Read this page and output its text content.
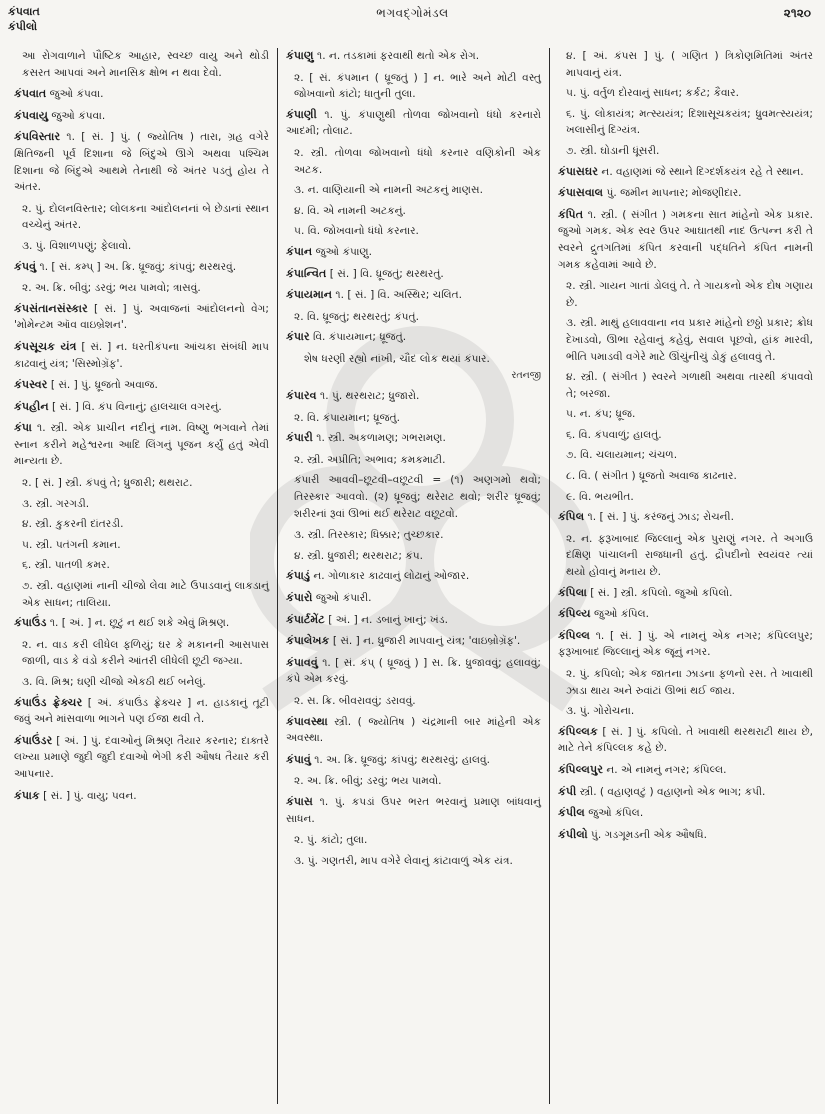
કંપવાત
કંપીલો
ભગવદ્ગોમંડલ	૨૧૨૦
આ રોગવાળાને પૌષ્ટિક આહાર, સ્વચ્છ વાયુ અને થોડી કસરત આપવાં અને માનસિક ક્ષોભ ન થવા દેવો.
કંપવાત જુઓ કંપવા.
કંપવાયુ જુઓ કંપવા.
કંપવિસ્તાર ૧. [ સં. ] પું. ( જ્યોતિષ ) તારા, ગ્રહ વગેરે ક્ષિતિજની પૂર્વ દિશાના જે બિંદુએ ઊગે અથવા પશ્ચિમ દિશાના જે બિંદુએ આથમે તેનાથી જે અંતર પડતું હોય તે અંતર.
૨. પું. દોલનવિસ્તાર; લોલકના આંદોલનનાં બે છેડાનાં સ્થાન વચ્ચેનું અંતર.
૩. પું. વિશાળપણું; ફેલાવો.
કંપવું ૧. [ સં. કમ્પ્ ] અ. ક્રિ. ધ્રૂજવું; કાંપવું; થરથરવું.
૨. અ. ક્રિ. બીવું; ડરવું; ભય પામવો; ત્રાસવું.
કંપસંતાનસંસ્કાર [ સં. ] પું. અવાજનાં આંદોલનનો વેગ; 'મોમેન્ટમ ઑવ વાઇબ્રેશન'.
કંપસૂચક યંત્ર [ સં. ] ન. ધરતીકંપના આંચકા સંબંધી માપ કાઢવાનું યંત્ર; 'સિસ્મોગ્રૅફ'.
કંપસ્વર [ સં. ] પું. ધ્રૂજતો અવાજ.
કંપહીન [ સં. ] વિ. કંપ વિનાનું; હાલચાલ વગરનું.
કંપા ૧. સ્ત્રી. એક પ્રાચીન નદીનું નામ. વિષ્ણુ ભગવાને તેમાં સ્નાન કરીને મહેશ્વરના આદિ લિંગનું પૂજન કર્યું હતું એવી માન્યતા છે.
૨. [ સં. ] સ્ત્રી. કંપવું તે; ધ્રુજારી; થથરાટ.
૩. સ્ત્રી. ગરગડી.
૪. સ્ત્રી. કુકરની દાંતરડી.
૫. સ્ત્રી. પતંગની કમાન.
૬. સ્ત્રી. પાતળી કમર.
૭. સ્ત્રી. વહાણમાં નાની ચીજો લેવા માટે ઉપાડવાનું લાકડાનું એક સાધન; તાલિયા.
કંપાઉંડ ૧. [ અં. ] ન. છૂટું ન થઈ શકે એવું મિશ્રણ.
૨. ન. વાડ કરી લીધેલ ફળિયું; ઘર કે મકાનની આસપાસ જાળી, વાડ કે વંડો કરીને આંતરી લીધેલી છૂટી જગ્યા.
૩. વિ. મિશ્ર; ઘણી ચીજો એકઠી થઈ બનેલું.
કંપાઉંડ ફ્રેક્ચર [ અં. કંપાઉંડ ફ્રેક્ચર ] ન. હાડકાનું તૂટી જવું અને માંસવાળા ભાગને પણ ઈજા થવી તે.
કંપાઉંડર [ અં. ] પું. દવાઓનું મિશ્રણ તૈયાર કરનાર; દાક્તરે લખ્યા પ્રમાણે જુદી જુદી દવાઓ ભેગી કરી ઔષધ તૈયાર કરી આપનાર.
કંપાક [ સં. ] પું. વાયુ; પવન.
કંપાણુ ૧. ન. તડકામાં ફરવાથી થતો એક રોગ.
૨. [ સં. કંપમાન ( ધ્રૂજતું ) ] ન. ભારે અને મોટી વસ્તુ જોખવાનો કાંટો; ધાતુની તુલા.
કંપાણી ૧. પું. કંપાણુથી તોળવા જોખવાનો ધંધો કરનારો આદમી; તોલાટ.
૨. સ્ત્રી. તોળવા જોખવાનો ધંધો કરનાર વણિકોની એક અટક.
૩. ન. વાણિયાની એ નામની અટકનું માણસ.
૪. વિ. એ નામની અટકનું.
૫. વિ. જોખવાનો ધંધો કરનાર.
કંપાન જુઓ કંપાણુ.
કંપાન્વિત [ સં. ] વિ. ધ્રૂજતું; થરથરતું.
કંપાયમાન ૧. [ સં. ] વિ. અસ્થિર; ચલિત.
૨. વિ. ધ્રૂજતું; થરથરતું; કંપતું.
કંપાર વિ. કંપાયમાન; ધ્રૂજતું.
શેષ ધરણી રહ્યો નાંખી, ચૌદ લોક થયાં કંપાર.
રતનજી
કંપારવ ૧. પું. થરથરાટ; ધ્રુજારો.
૨. વિ. કંપાયમાન; ધ્રૂજતું.
કંપારી ૧. સ્ત્રી. અકળામણ; ગભરામણ.
૨. સ્ત્રી. અપ્રીતિ; અભાવ; કમકમાટી.
કંપારી આવવી–છૂટવી–વછૂટવી = (૧) અણગમો થવો; તિરસ્કાર આવવો. (૨) ધ્રૂજવું; થરેરાટ થવો; શરીર ધ્રૂજવું; શરીરનાં રૂવાં ઊભાં થઈ થરેરાટ વછૂટવો.
૩. સ્ત્રી. તિરસ્કાર; ધિક્કાર; તુચ્છકાર.
૪. સ્ત્રી. ધ્રુજારી; થરથરાટ; કંપ.
કંપાડું ન. ગોળાકાર કાઢવાનું લોઢાનું ઓજાર.
કંપારો જુઓ કંપારી.
કંપાર્ટમેંટ [ અં. ] ન. ડબાનું ખાનું; ખંડ.
કંપાલેખક [ સં. ] ન. ધ્રુજારી માપવાનું યંત્ર; 'વાઇબ્રોગ્રૅફ'.
કંપાવવું ૧. [ સં. કંપ્ ( ધ્રૂજવું ) ] સ. ક્રિ. ધ્રુજાવવું; હલાવવું; કંપે એમ કરવું.
૨. સ. ક્રિ. બીવરાવવું; ડરાવવું.
કંપાવસ્થા સ્ત્રી. ( જ્યોતિષ ) ચંદ્રમાની બાર માંહેની એક અવસ્થા.
કંપાવું ૧. અ. ક્રિ. ધ્રૂજવું; કાંપવું; થરથરવું; હાલવું.
૨. અ. ક્રિ. બીવું; ડરવું; ભય પામવો.
કંપાસ ૧. પું. કપડાં ઉપર ભરત ભરવાનું પ્રમાણ બાંધવાનું સાધન.
૨. પું. કાંટો; તુલા.
૩. પું. ગણતરી, માપ વગેરે લેવાનું કાંટાવાળું એક યંત્ર.
૪. [ અં. કંપસ ] પું. ( ગણિત ) ત્રિકોણમિતિમાં અંતર માપવાનું યંત્ર.
૫. પું. વર્તુળ દોરવાનું સાધન; કર્કટ; કૈવાર.
૬. પું. લોકાયંત્ર; મત્સ્યયંત્ર; દિશાસૂચકયંત્ર; ધ્રુવમત્સ્યયંત્ર; ખલાસીનું દિગ્યંત્ર.
૭. સ્ત્રી. ઘોડાની ધૂંસરી.
કંપાસઘર ન. વહાણમાં જે સ્થાને દિગ્દર્શકયંત્ર રહે તે સ્થાન.
કંપાસવાલ પું. જમીન માપનાર; મોજણીદાર.
કંપિત ૧. સ્ત્રી. ( સંગીત ) ગમકના સાત માંહેનો એક પ્રકાર. જુઓ ગમક. એક સ્વર ઉપર આઘાતથી નાદ ઉત્પન્ન કરી તે સ્વરને દ્રુતગતિમાં કંપિત કરવાની પદ્ધતિને કંપિત નામની ગમક કહેવામાં આવે છે.
૨. સ્ત્રી. ગાયન ગાતાં ડોલવું તે. તે ગાયકનો એક દોષ ગણાય છે.
૩. સ્ત્રી. માથું હલાવવાના નવ પ્રકાર માંહેનો છઠ્ઠો પ્રકાર; ક્રોધ દેખાડવો, ઊભા રહેવાનું કહેવું, સવાલ પૂછવો, હાંક મારવી, ભીતિ પમાડવી વગેરે માટે ઊંચુંનીચું ડોકું હલાવવું તે.
૪. સ્ત્રી. ( સંગીત ) સ્વરને ગળાથી અથવા તારથી કંપાવવો તે; બરજા.
૫. ન. કંપ; ધ્રૂજ.
૬. વિ. કંપવાળું; હાલતું.
૭. વિ. ચલાયમાન; ચંચળ.
૮. વિ. ( સંગીત ) ધ્રૂજતો અવાજ કાઢનાર.
૯. વિ. ભયભીત.
કંપિલ ૧. [ સં. ] પું. કરંજનું ઝાડ; રોચની.
૨. ન. ફરૂખાબાદ જિલ્લાનું એક પુરાણું નગર. તે અગાઉ દક્ષિણ પાંચાલની રાજધાની હતું. દ્રૌપદીનો સ્વયંવર ત્યાં થયો હોવાનું મનાય છે.
કંપિલા [ સં. ] સ્ત્રી. કપિલો. જુઓ કપિલો.
કંપિલ્ય જુઓ કંપિલ.
કંપિલ્લ ૧. [ સં. ] પું. એ નામનું એક નગર; કંપિલ્લપુર; ફરૂખાબાદ જિલ્લાનું એક જૂનું નગર.
૨. પું. કપિલો; એક જાતના ઝાડના ફળનો રસ. તે ખાવાથી ઝાડા થાય અને રુવાંટાં ઊભાં થઈ જાય.
૩. પું. ગોરોચના.
કંપિલ્લક [ સં. ] પું. કપિલો. તે ખાવાથી થરથરાટી થાય છે, માટે તેને કંપિલ્લક કહે છે.
કંપિલ્લપુર ન. એ નામનું નગર; કંપિલ્લ.
કંપી સ્ત્રી. ( વહાણવટું ) વહાણનો એક ભાગ; કપી.
કંપીલ જુઓ કંપિલ.
કંપીલો પું. ગડગૂમડની એક ઔષધિ.
